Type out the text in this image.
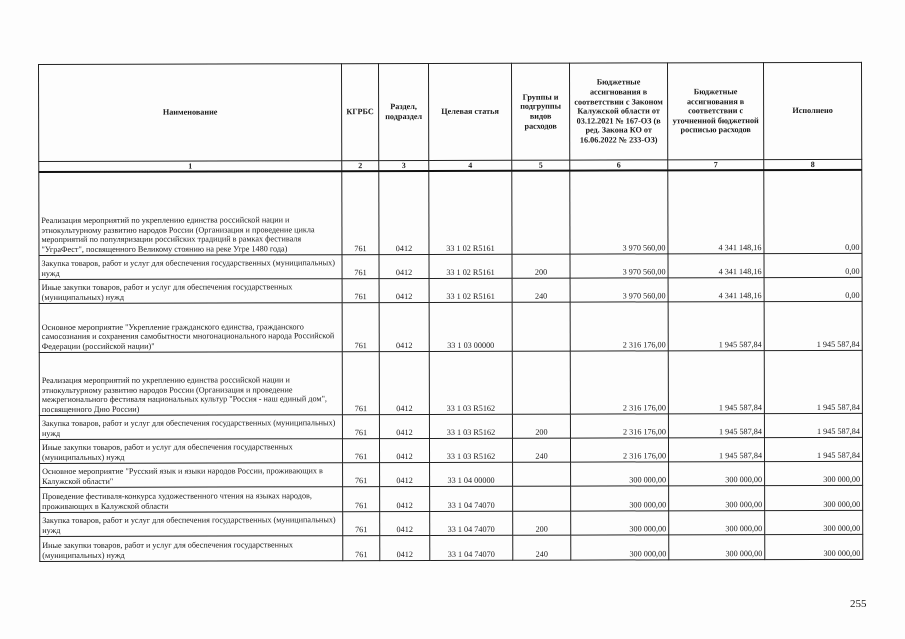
Наименование	КГРБС	Раздел, подраздел	Целевая статья	Группы и подгруппы видов расходов	Бюджетные ассигнования в соответствии с Законом Калужской области от 03.12.2021 № 167-ОЗ (в ред. Закона КО от 16.06.2022 № 233-ОЗ)	Бюджетные ассигнования в соответствии с уточненной бюджетной росписью расходов	Исполнено
1	2	3	4	5	6	7	8
Реализация мероприятий по укреплению единства российской нации и этнокультурному развитию народов России (Организация и проведение цикла мероприятий по популяризации российских традиций в рамках фестиваля "УграФест", посвященного Великому стоянию на реке Угре 1480 года)	761	0412	33 1 02 R5161		3 970 560,00	4 341 148,16	0,00
Закупка товаров, работ и услуг для обеспечения государственных (муниципальных) нужд	761	0412	33 1 02 R5161	200	3 970 560,00	4 341 148,16	0,00
Иные закупки товаров, работ и услуг для обеспечения государственных (муниципальных) нужд	761	0412	33 1 02 R5161	240	3 970 560,00	4 341 148,16	0,00
Основное мероприятие "Укрепление гражданского единства, гражданского самосознания и сохранения самобытности многонационального народа Российской Федерации (российской нации)"	761	0412	33 1 03 00000		2 316 176,00	1 945 587,84	1 945 587,84
Реализация мероприятий по укреплению единства российской нации и этнокультурному развитию народов России (Организация и проведение межрегионального фестиваля национальных культур "Россия - наш единый дом", посвященного Дню России)	761	0412	33 1 03 R5162		2 316 176,00	1 945 587,84	1 945 587,84
Закупка товаров, работ и услуг для обеспечения государственных (муниципальных) нужд	761	0412	33 1 03 R5162	200	2 316 176,00	1 945 587,84	1 945 587,84
Иные закупки товаров, работ и услуг для обеспечения государственных (муниципальных) нужд	761	0412	33 1 03 R5162	240	2 316 176,00	1 945 587,84	1 945 587,84
Основное мероприятие "Русский язык и языки народов России, проживающих в Калужской области"	761	0412	33 1 04 00000		300 000,00	300 000,00	300 000,00
Проведение фестиваля-конкурса художественного чтения на языках народов, проживающих в Калужской области	761	0412	33 1 04 74070		300 000,00	300 000,00	300 000,00
Закупка товаров, работ и услуг для обеспечения государственных (муниципальных) нужд	761	0412	33 1 04 74070	200	300 000,00	300 000,00	300 000,00
Иные закупки товаров, работ и услуг для обеспечения государственных (муниципальных) нужд	761	0412	33 1 04 74070	240	300 000,00	300 000,00	300 000,00
255
